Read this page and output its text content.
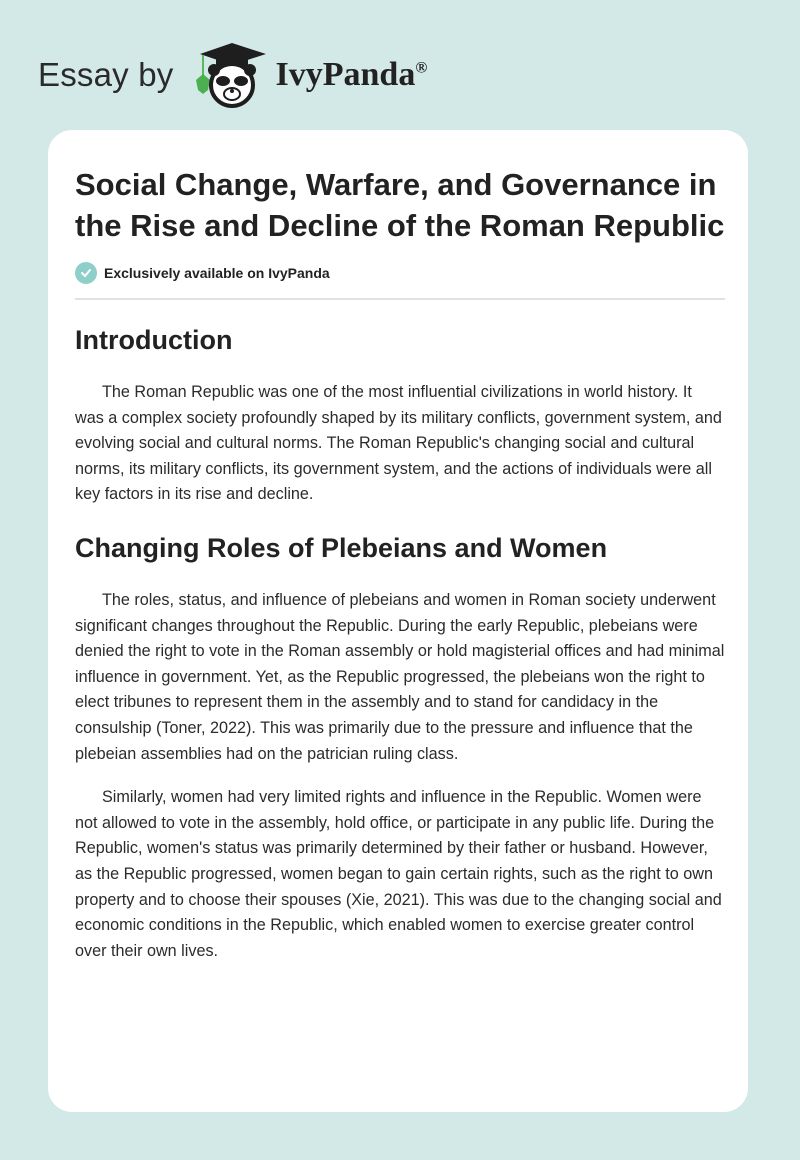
Essay by	IvyPanda®
Social Change, Warfare, and Governance in the Rise and Decline of the Roman Republic
Exclusively available on IvyPanda
Introduction

The Roman Republic was one of the most influential civilizations in world history. It was a complex society profoundly shaped by its military conflicts, government system, and evolving social and cultural norms. The Roman Republic's changing social and cultural norms, its military conflicts, its government system, and the actions of individuals were all key factors in its rise and decline.

Changing Roles of Plebeians and Women

The roles, status, and influence of plebeians and women in Roman society underwent significant changes throughout the Republic. During the early Republic, plebeians were denied the right to vote in the Roman assembly or hold magisterial offices and had minimal influence in government. Yet, as the Republic progressed, the plebeians won the right to elect tribunes to represent them in the assembly and to stand for candidacy in the consulship (Toner, 2022). This was primarily due to the pressure and influence that the plebeian assemblies had on the patrician ruling class.

Similarly, women had very limited rights and influence in the Republic. Women were not allowed to vote in the assembly, hold office, or participate in any public life. During the Republic, women's status was primarily determined by their father or husband. However, as the Republic progressed, women began to gain certain rights, such as the right to own property and to choose their spouses (Xie, 2021). This was due to the changing social and economic conditions in the Republic, which enabled women to exercise greater control over their own lives.
